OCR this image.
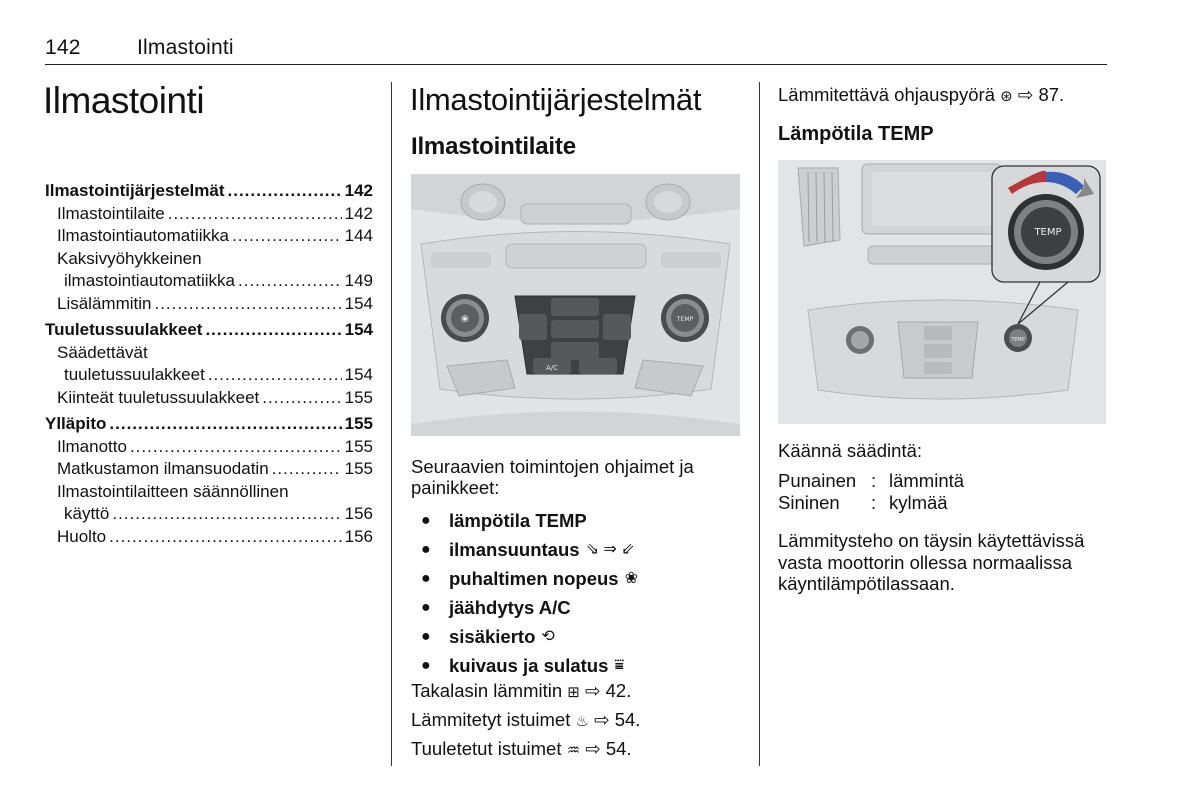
142	Ilmastointi
Ilmastointi
Ilmastointijärjestelmät .....	142
Ilmastointilaite .....	142
Ilmastointiautomatiikka .....	144
Kaksivyöhykkeinen
ilmastointiautomatiikka .....	149
Lisälämmitin .....	154
Tuuletussuulakkeet .....	154
Säädettävät
tuuletussuulakkeet .....	154
Kiinteät tuuletussuulakkeet .....	155
Ylläpito .....	155
Ilmanotto .....	155
Matkustamon ilmansuodatin .....	155
Ilmastointilaitteen säännöllinen
käyttö .....	156
Huolto .....	156
Ilmastointijärjestelmät
Ilmastointilaite
❀	TEMP
A/C
Seuraavien toimintojen ohjaimet ja painikkeet:
● lämpötila TEMP
● ilmansuuntaus ⇘ ⇒ ⇙
● puhaltimen nopeus ❀
● jäähdytys A/C
● sisäkierto ⟲
● kuivaus ja sulatus ⩸
Takalasin lämmitin ⊞ ⇨ 42.
Lämmitetyt istuimet ♨ ⇨ 54.
Tuuletetut istuimet ♒ ⇨ 54.
Lämmitettävä ohjauspyörä ⊛ ⇨ 87.
Lämpötila TEMP
TEMP
TEMP
Käännä säädintä:
Punainen : lämmintä
Sininen : kylmää
Lämmitysteho on täysin käytettävissä vasta moottorin ollessa normaalissa käyntilämpötilassaan.
